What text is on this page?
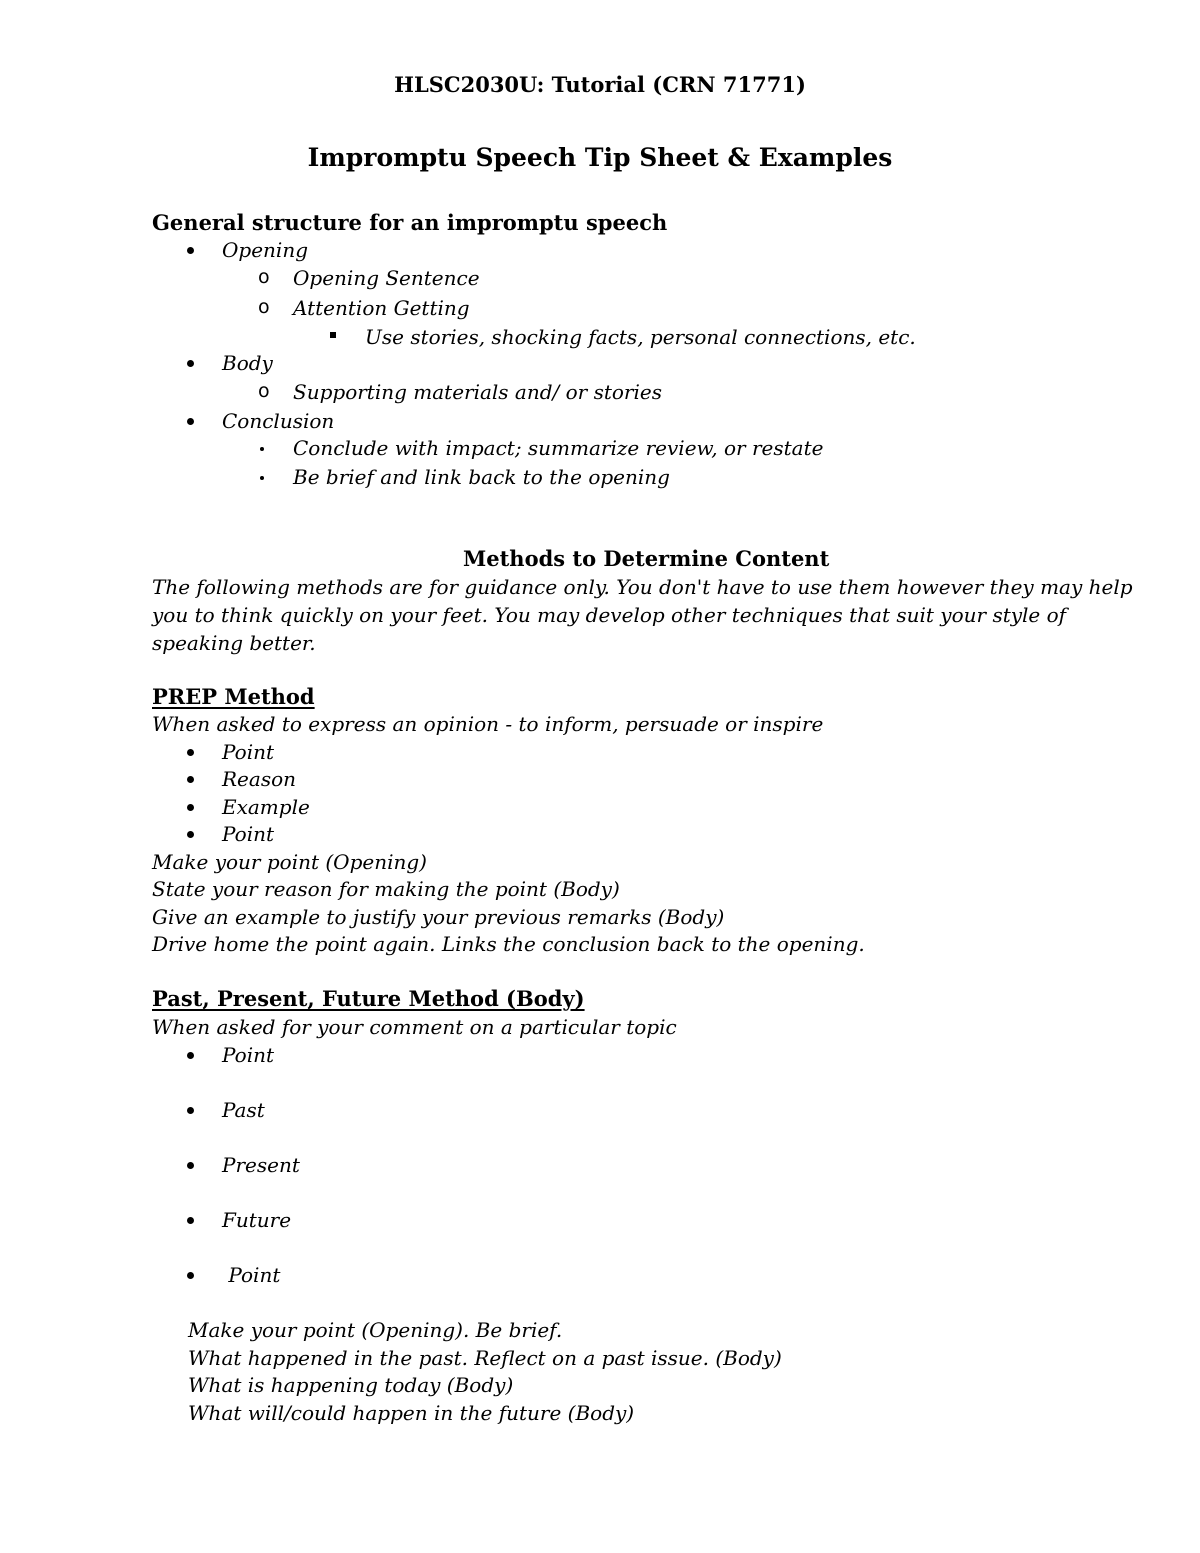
HLSC2030U: Tutorial (CRN 71771)
Impromptu Speech Tip Sheet & Examples
General structure for an impromptu speech
Opening
o Opening Sentence
o Attention Getting
Use stories, shocking facts, personal connections, etc.
Body
o Supporting materials and/ or stories
Conclusion
Conclude with impact; summarize review, or restate
Be brief and link back to the opening
Methods to Determine Content
The following methods are for guidance only. You don't have to use them however they may help
you to think quickly on your feet. You may develop other techniques that suit your style of
speaking better.
PREP Method
When asked to express an opinion - to inform, persuade or inspire
Point
Reason
Example
Point
Make your point (Opening)
State your reason for making the point (Body)
Give an example to justify your previous remarks (Body)
Drive home the point again. Links the conclusion back to the opening.
Past, Present, Future Method (Body)
When asked for your comment on a particular topic
Point
Past
Present
Future
Point
Make your point (Opening). Be brief.
What happened in the past. Reflect on a past issue. (Body)
What is happening today (Body)
What will/could happen in the future (Body)
